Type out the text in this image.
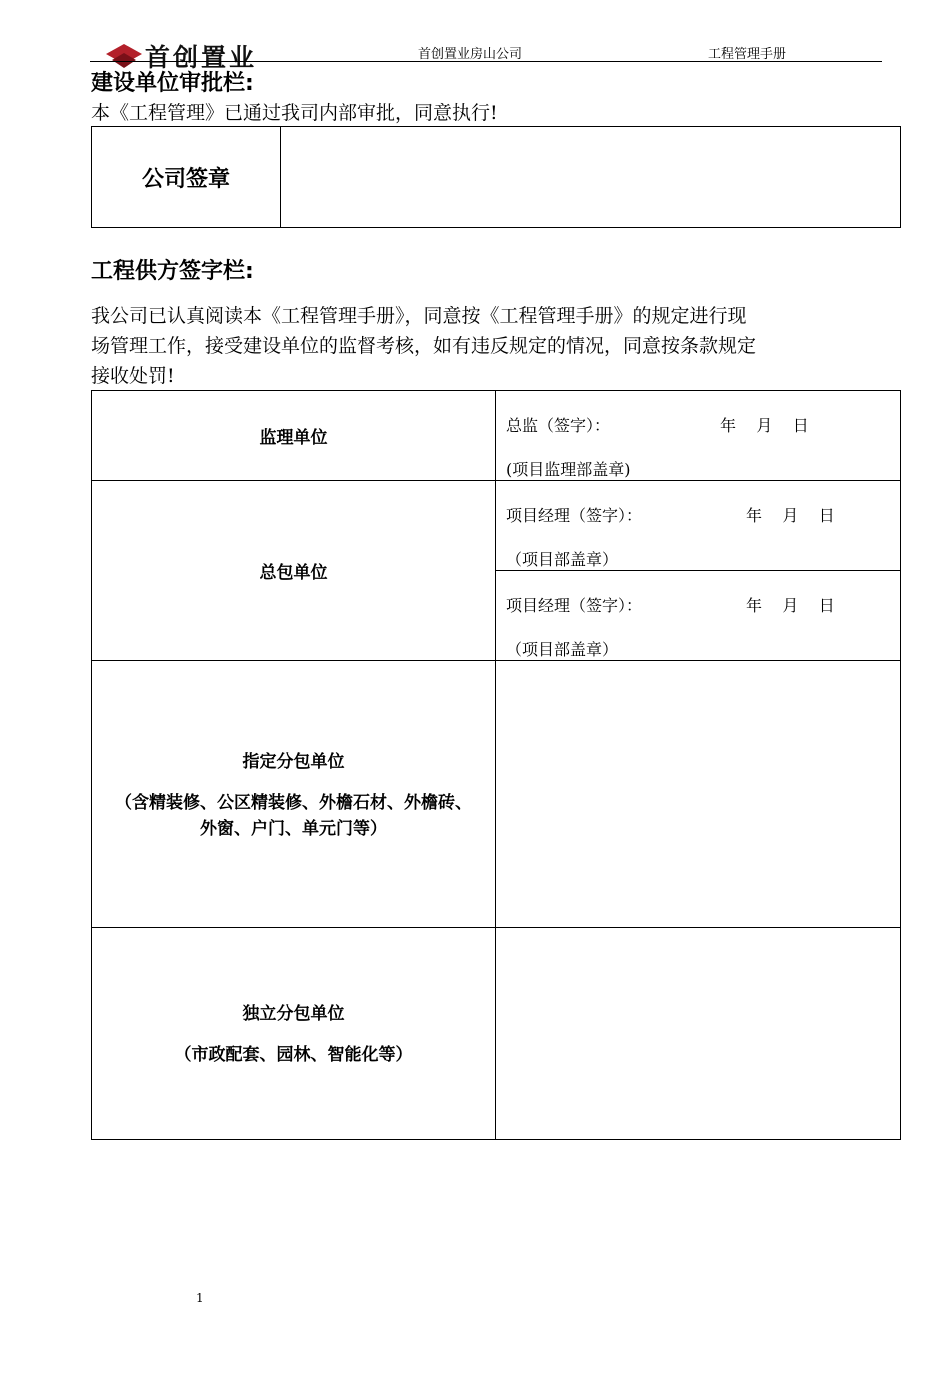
首创置业	首创置业房山公司	工程管理手册
建设单位审批栏:
本《工程管理》已通过我司内部审批，同意执行!
公司签章	
工程供方签字栏:
我公司已认真阅读本《工程管理手册》，同意按《工程管理手册》的规定进行现
场管理工作，接受建设单位的监督考核，如有违反规定的情况，同意按条款规定
接收处罚!
监理单位	总监（签字）： 年    月    日
(项目监理部盖章)

总包单位	项目经理（签字）： 年    月    日
（项目部盖章）

	项目经理（签字）： 年    月    日
（项目部盖章）

指定分包单位
（含精装修、公区精装修、外檐石材、外檐砖、外窗、户门、单元门等）	

独立分包单位
（市政配套、园林、智能化等）	

1
